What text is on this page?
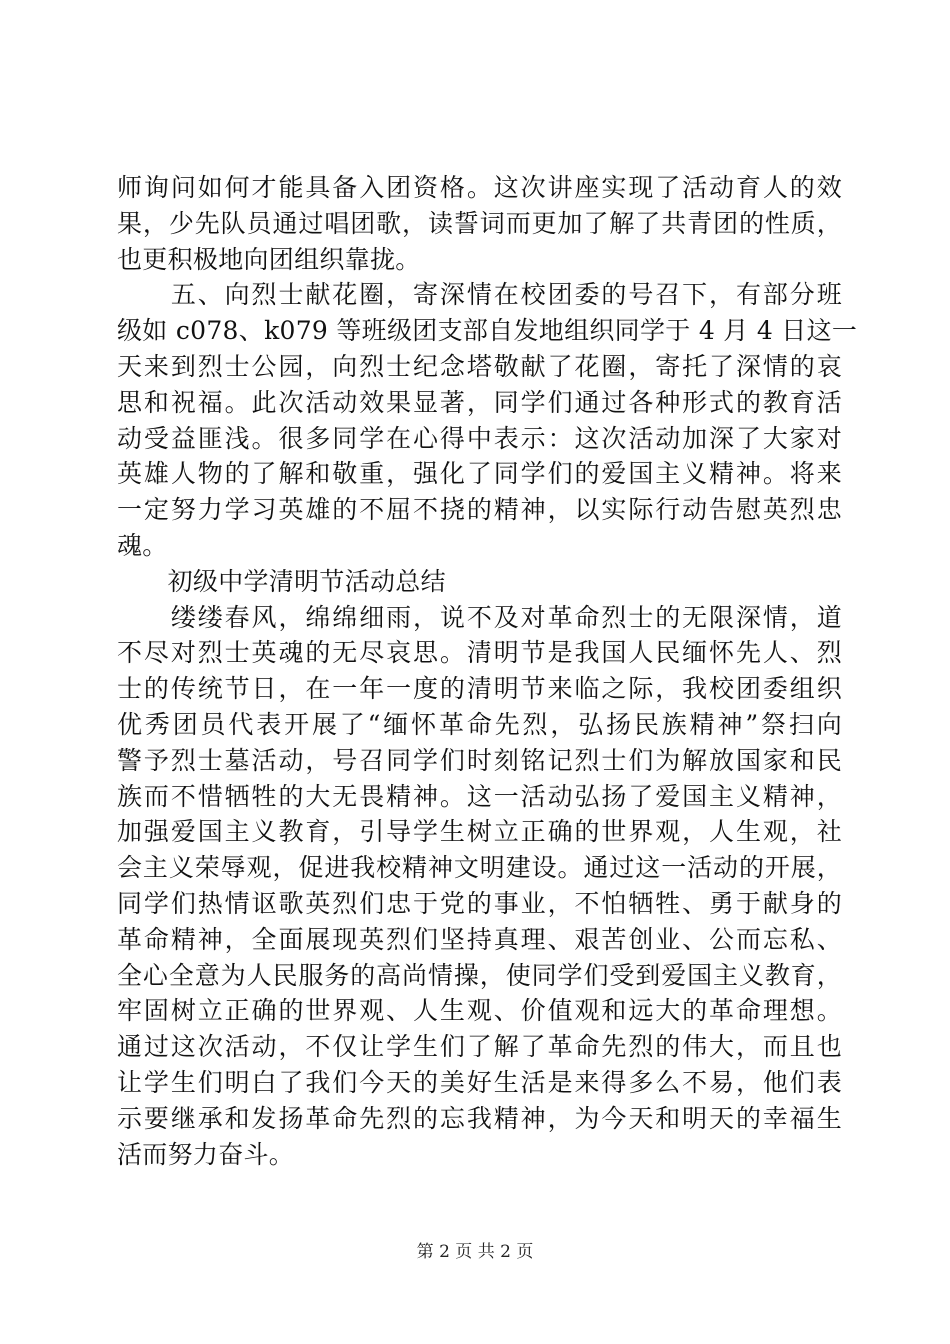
师询问如何才能具备入团资格。这次讲座实现了活动育人的效
果，少先队员通过唱团歌，读誓词而更加了解了共青团的性质，
也更积极地向团组织靠拢。
　　五、向烈士献花圈，寄深情在校团委的号召下，有部分班
级如 c078、k079 等班级团支部自发地组织同学于 4 月 4 日这一
天来到烈士公园，向烈士纪念塔敬献了花圈，寄托了深情的哀
思和祝福。此次活动效果显著，同学们通过各种形式的教育活
动受益匪浅。很多同学在心得中表示：这次活动加深了大家对
英雄人物的了解和敬重，强化了同学们的爱国主义精神。将来
一定努力学习英雄的不屈不挠的精神，以实际行动告慰英烈忠
魂。
　　初级中学清明节活动总结
　　缕缕春风，绵绵细雨，说不及对革命烈士的无限深情，道
不尽对烈士英魂的无尽哀思。清明节是我国人民缅怀先人、烈
士的传统节日，在一年一度的清明节来临之际，我校团委组织
优秀团员代表开展了“缅怀革命先烈，弘扬民族精神”祭扫向
警予烈士墓活动，号召同学们时刻铭记烈士们为解放国家和民
族而不惜牺牲的大无畏精神。这一活动弘扬了爱国主义精神，
加强爱国主义教育，引导学生树立正确的世界观，人生观，社
会主义荣辱观，促进我校精神文明建设。通过这一活动的开展，
同学们热情讴歌英烈们忠于党的事业，不怕牺牲、勇于献身的
革命精神，全面展现英烈们坚持真理、艰苦创业、公而忘私、
全心全意为人民服务的高尚情操，使同学们受到爱国主义教育，
牢固树立正确的世界观、人生观、价值观和远大的革命理想。
通过这次活动，不仅让学生们了解了革命先烈的伟大，而且也
让学生们明白了我们今天的美好生活是来得多么不易，他们表
示要继承和发扬革命先烈的忘我精神，为今天和明天的幸福生
活而努力奋斗。
第 2 页 共 2 页
